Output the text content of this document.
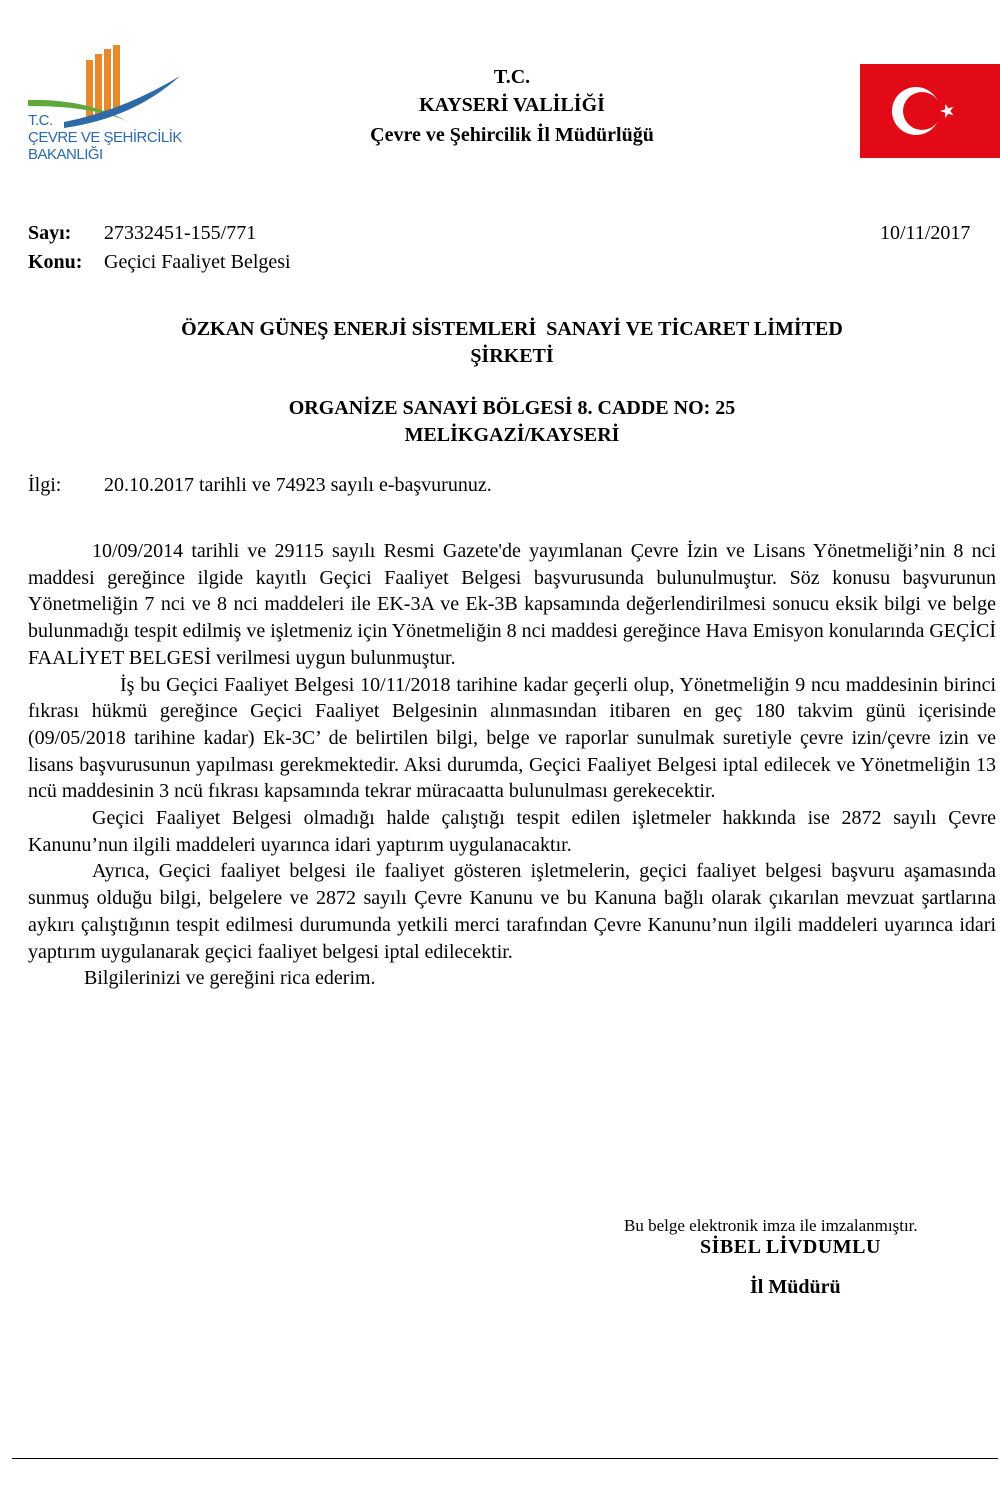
T.C.
ÇEVRE VE ŞEHİRCİLİK
BAKANLIĞI
T.C.
KAYSERİ VALİLİĞİ
Çevre ve Şehircilik İl Müdürlüğü
Sayı: 27332451-155/771	10/11/2017
Konu: Geçici Faaliyet Belgesi
ÖZKAN GÜNEŞ ENERJİ SİSTEMLERİ  SANAYİ VE TİCARET LİMİTED
ŞİRKETİ
ORGANİZE SANAYİ BÖLGESİ 8. CADDE NO: 25
MELİKGAZİ/KAYSERİ
İlgi: 20.10.2017 tarihli ve 74923 sayılı e-başvurunuz.

10/09/2014 tarihli ve 29115 sayılı Resmi Gazete'de yayımlanan Çevre İzin ve Lisans Yönetmeliği’nin 8 nci maddesi gereğince ilgide kayıtlı Geçici Faaliyet Belgesi başvurusunda bulunulmuştur. Söz konusu başvurunun Yönetmeliğin 7 nci ve 8 nci maddeleri ile EK-3A ve Ek-3B kapsamında değerlendirilmesi sonucu eksik bilgi ve belge bulunmadığı tespit edilmiş ve işletmeniz için Yönetmeliğin 8 nci maddesi gereğince Hava Emisyon konularında GEÇİCİ FAALİYET BELGESİ verilmesi uygun bulunmuştur.

İş bu Geçici Faaliyet Belgesi 10/11/2018 tarihine kadar geçerli olup, Yönetmeliğin 9 ncu maddesinin birinci fıkrası hükmü gereğince Geçici Faaliyet Belgesinin alınmasından itibaren en geç 180 takvim günü içerisinde (09/05/2018 tarihine kadar) Ek-3C’ de belirtilen bilgi, belge ve raporlar sunulmak suretiyle çevre izin/çevre izin ve lisans başvurusunun yapılması gerekmektedir. Aksi durumda, Geçici Faaliyet Belgesi iptal edilecek ve Yönetmeliğin 13 ncü maddesinin 3 ncü fıkrası kapsamında tekrar müracaatta bulunulması gerekecektir.

Geçici Faaliyet Belgesi olmadığı halde çalıştığı tespit edilen işletmeler hakkında ise 2872 sayılı Çevre Kanunu’nun ilgili maddeleri uyarınca idari yaptırım uygulanacaktır.

Ayrıca, Geçici faaliyet belgesi ile faaliyet gösteren işletmelerin, geçici faaliyet belgesi başvuru aşamasında sunmuş olduğu bilgi, belgelere ve 2872 sayılı Çevre Kanunu ve bu Kanuna bağlı olarak çıkarılan mevzuat şartlarına aykırı çalıştığının tespit edilmesi durumunda yetkili merci tarafından Çevre Kanunu’nun ilgili maddeleri uyarınca idari yaptırım uygulanarak geçici faaliyet belgesi iptal edilecektir.

Bilgilerinizi ve gereğini rica ederim.

Bu belge elektronik imza ile imzalanmıştır.
SİBEL LİVDUMLU
İl Müdürü
